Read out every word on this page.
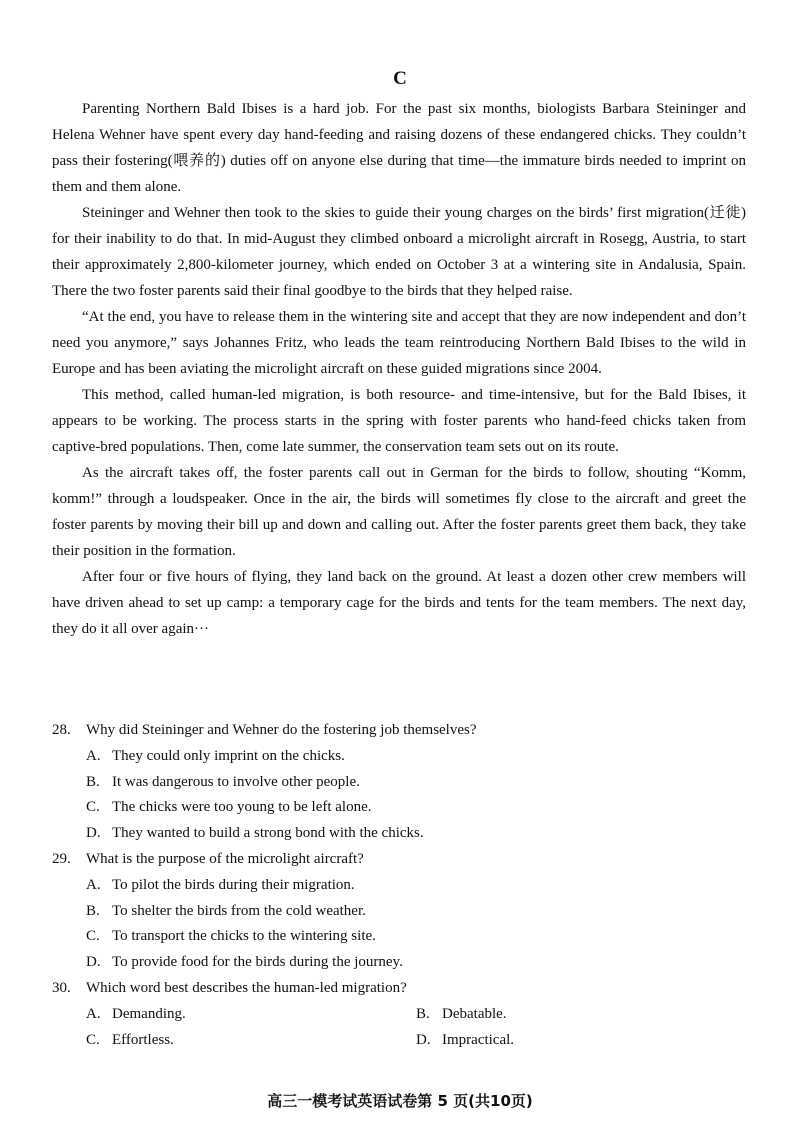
C

Parenting Northern Bald Ibises is a hard job. For the past six months, biologists Barbara Steininger and Helena Wehner have spent every day hand-feeding and raising dozens of these endangered chicks. They couldn’t pass their fostering(喂养的) duties off on anyone else during that time—the immature birds needed to imprint on them and them alone.

Steininger and Wehner then took to the skies to guide their young charges on the birds’ first migration(迁徙) for their inability to do that. In mid-August they climbed onboard a microlight aircraft in Rosegg, Austria, to start their approximately 2,800-kilometer journey, which ended on October 3 at a wintering site in Andalusia, Spain. There the two foster parents said their final goodbye to the birds that they helped raise.

“At the end, you have to release them in the wintering site and accept that they are now independent and don’t need you anymore,” says Johannes Fritz, who leads the team reintroducing Northern Bald Ibises to the wild in Europe and has been aviating the microlight aircraft on these guided migrations since 2004.

This method, called human-led migration, is both resource- and time-intensive, but for the Bald Ibises, it appears to be working. The process starts in the spring with foster parents who hand-feed chicks taken from captive-bred populations. Then, come late summer, the conservation team sets out on its route.

As the aircraft takes off, the foster parents call out in German for the birds to follow, shouting “Komm, komm!” through a loudspeaker. Once in the air, the birds will sometimes fly close to the aircraft and greet the foster parents by moving their bill up and down and calling out. After the foster parents greet them back, they take their position in the formation.

After four or five hours of flying, they land back on the ground. At least a dozen other crew members will have driven ahead to set up camp: a temporary cage for the birds and tents for the team members. The next day, they do it all over again···

28.	Why did Steininger and Wehner do the fostering job themselves?
A. They could only imprint on the chicks.
B. It was dangerous to involve other people.
C. The chicks were too young to be left alone.
D. They wanted to build a strong bond with the chicks.
29.	What is the purpose of the microlight aircraft?
A. To pilot the birds during their migration.
B. To shelter the birds from the cold weather.
C. To transport the chicks to the wintering site.
D. To provide food for the birds during the journey.
30.	Which word best describes the human-led migration?
A. Demanding.	B. Debatable.
C. Effortless.	D. Impractical.
高三一模考试英语试卷第 5 页(共10页)
